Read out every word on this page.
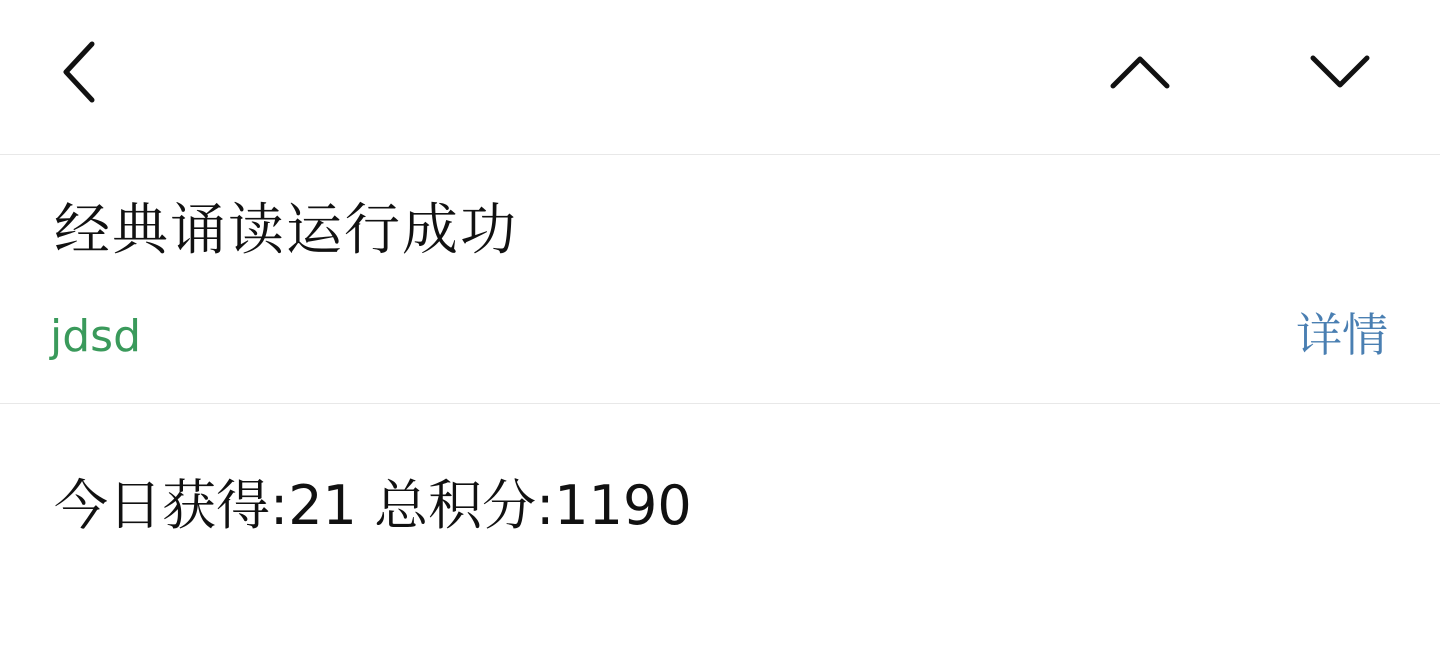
经典诵读运行成功
jdsd	详情
今日获得:21 总积分:1190
